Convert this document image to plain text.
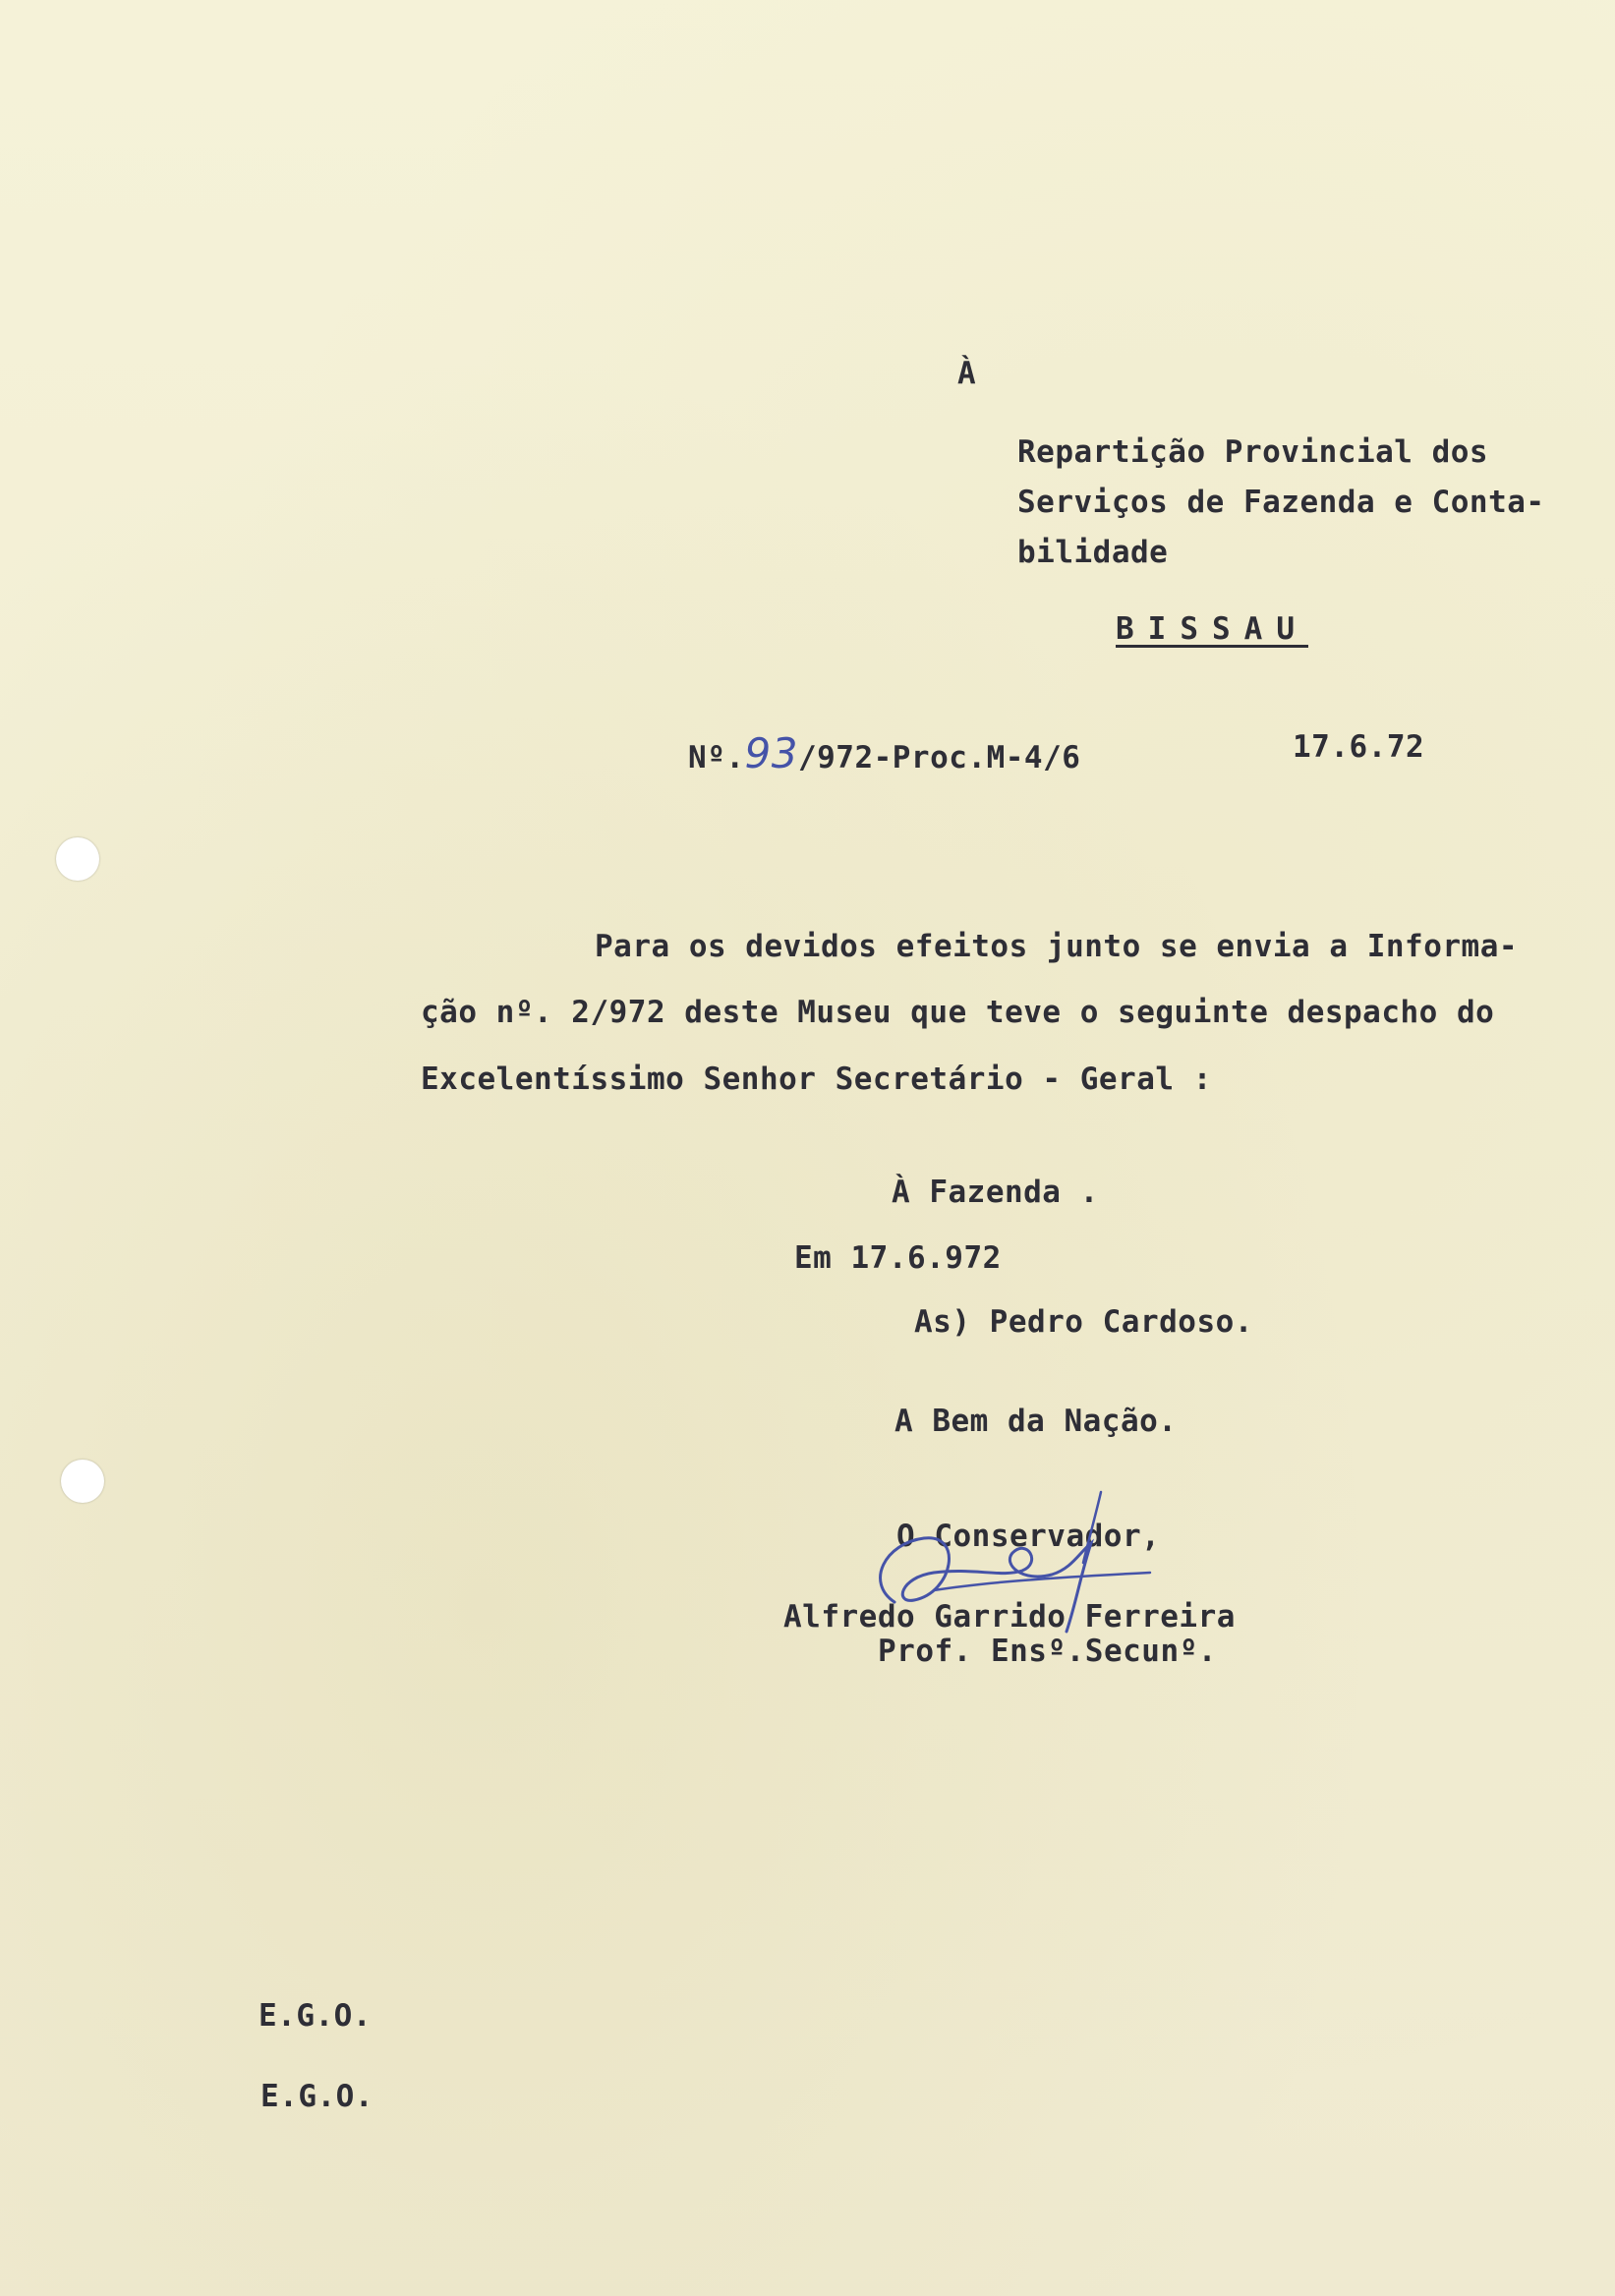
À
Repartição Provincial dos
Serviços de Fazenda e Conta-
bilidade
BISSAU
Nº.93/972-Proc.M-4/6	17.6.72
Para os devidos efeitos junto se envia a Informa-
ção nº. 2/972 deste Museu que teve o seguinte despacho do
Excelentíssimo Senhor Secretário - Geral :
À Fazenda .
Em 17.6.972
As) Pedro Cardoso.
A Bem da Nação.
O Conservador,
Alfredo Garrido Ferreira
Prof. Ensº.Secunº.
E.G.O.
E.G.O.
